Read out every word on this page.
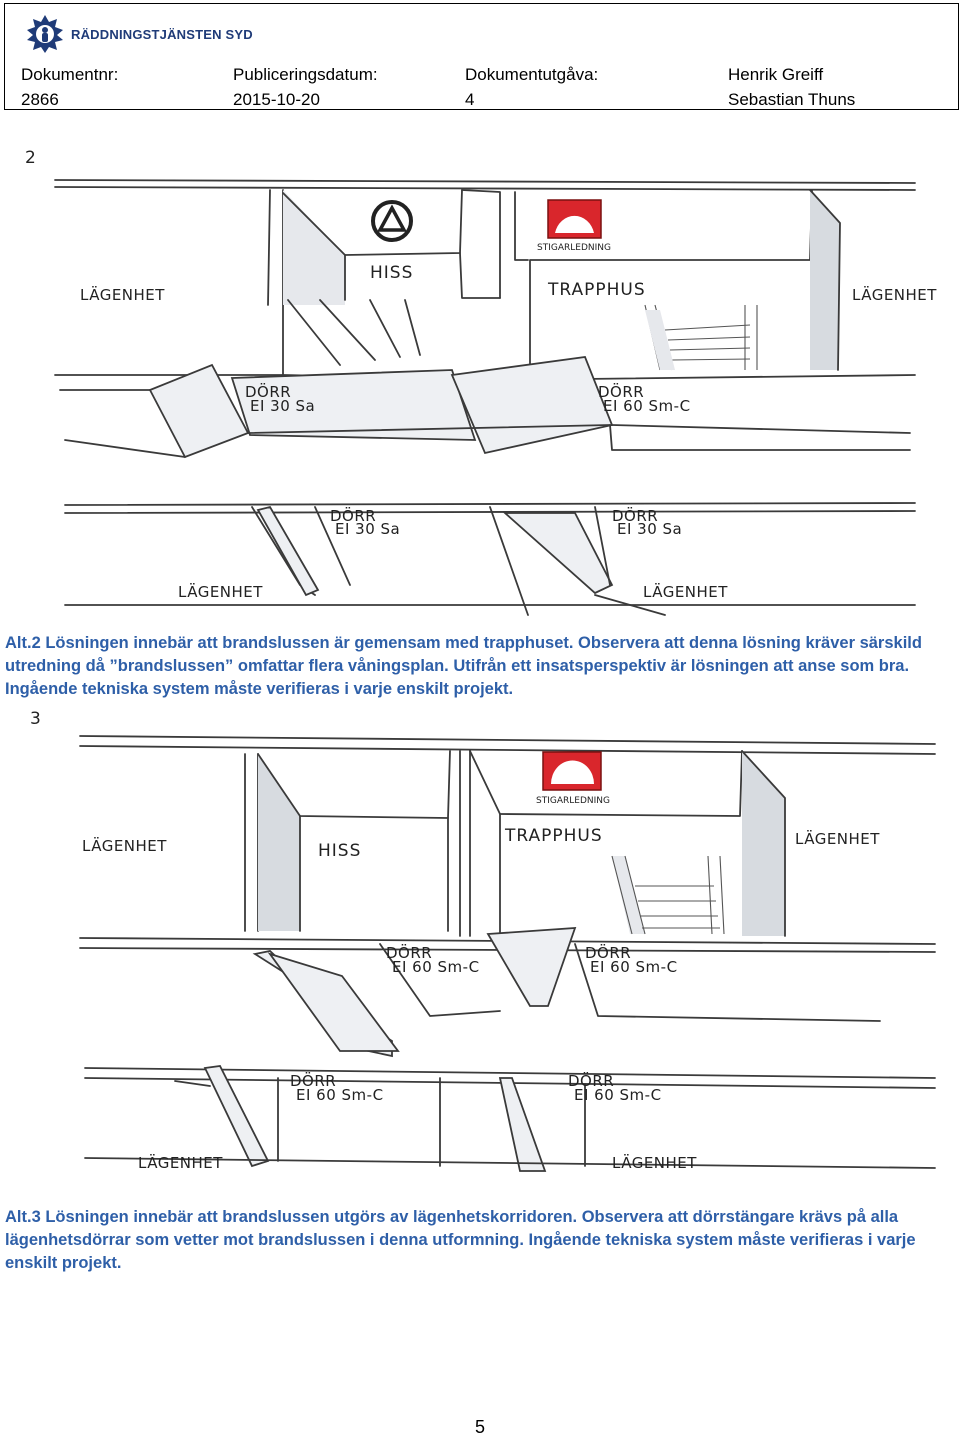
RÄDDNINGSTJÄNSTEN SYD
Dokumentnr:
2866
Publiceringsdatum:
2015-10-20
Dokumentutgåva:
4
Henrik Greiff
Sebastian Thuns
2
HISS
STIGARLEDNING
TRAPPHUS
LÄGENHET	LÄGENHET
DÖRR
EI 30 Sa
DÖRR
EI 60 Sm-C
DÖRR
EI 30 Sa
DÖRR
EI 30 Sa
LÄGENHET	LÄGENHET
Alt.2 Lösningen innebär att brandslussen är gemensam med trapphuset. Observera att denna lösning kräver särskild utredning då ”brandslussen” omfattar flera våningsplan. Utifrån ett insatsperspektiv är lösningen att anse som bra. Ingående tekniska system måste verifieras i varje enskilt projekt.
3
HISS
STIGARLEDNING
TRAPPHUS
LÄGENHET	LÄGENHET
DÖRR
EI 60 Sm-C
DÖRR
EI 60 Sm-C
DÖRR
EI 60 Sm-C
DÖRR
EI 60 Sm-C
LÄGENHET	LÄGENHET
Alt.3 Lösningen innebär att brandslussen utgörs av lägenhetskorridoren. Observera att dörrstängare krävs på alla lägenhetsdörrar som vetter mot brandslussen i denna utformning. Ingående tekniska system måste verifieras i varje enskilt projekt.
5
